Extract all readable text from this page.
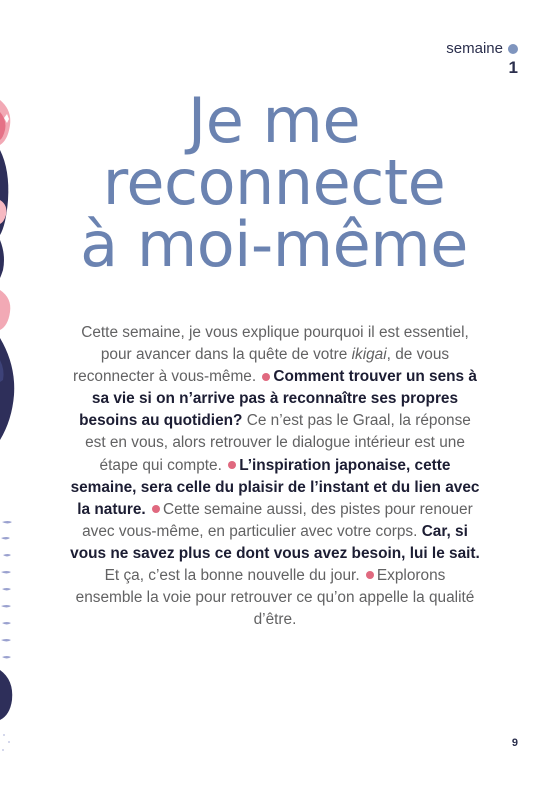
semaine
1
Je me
reconnecte
à moi-même
Cette semaine, je vous explique pourquoi il est essentiel, pour avancer dans la quête de votre ikigai, de vous reconnecter à vous-même. Comment trouver un sens à sa vie si on n’arrive pas à reconnaître ses propres besoins au quotidien? Ce n’est pas le Graal, la réponse est en vous, alors retrouver le dialogue intérieur est une étape qui compte. L’inspiration japonaise, cette semaine, sera celle du plaisir de l’instant et du lien avec la nature. Cette semaine aussi, des pistes pour renouer avec vous-même, en particulier avec votre corps. Car, si vous ne savez plus ce dont vous avez besoin, lui le sait. Et ça, c’est la bonne nouvelle du jour. Explorons ensemble la voie pour retrouver ce qu’on appelle la qualité d’être.
9
